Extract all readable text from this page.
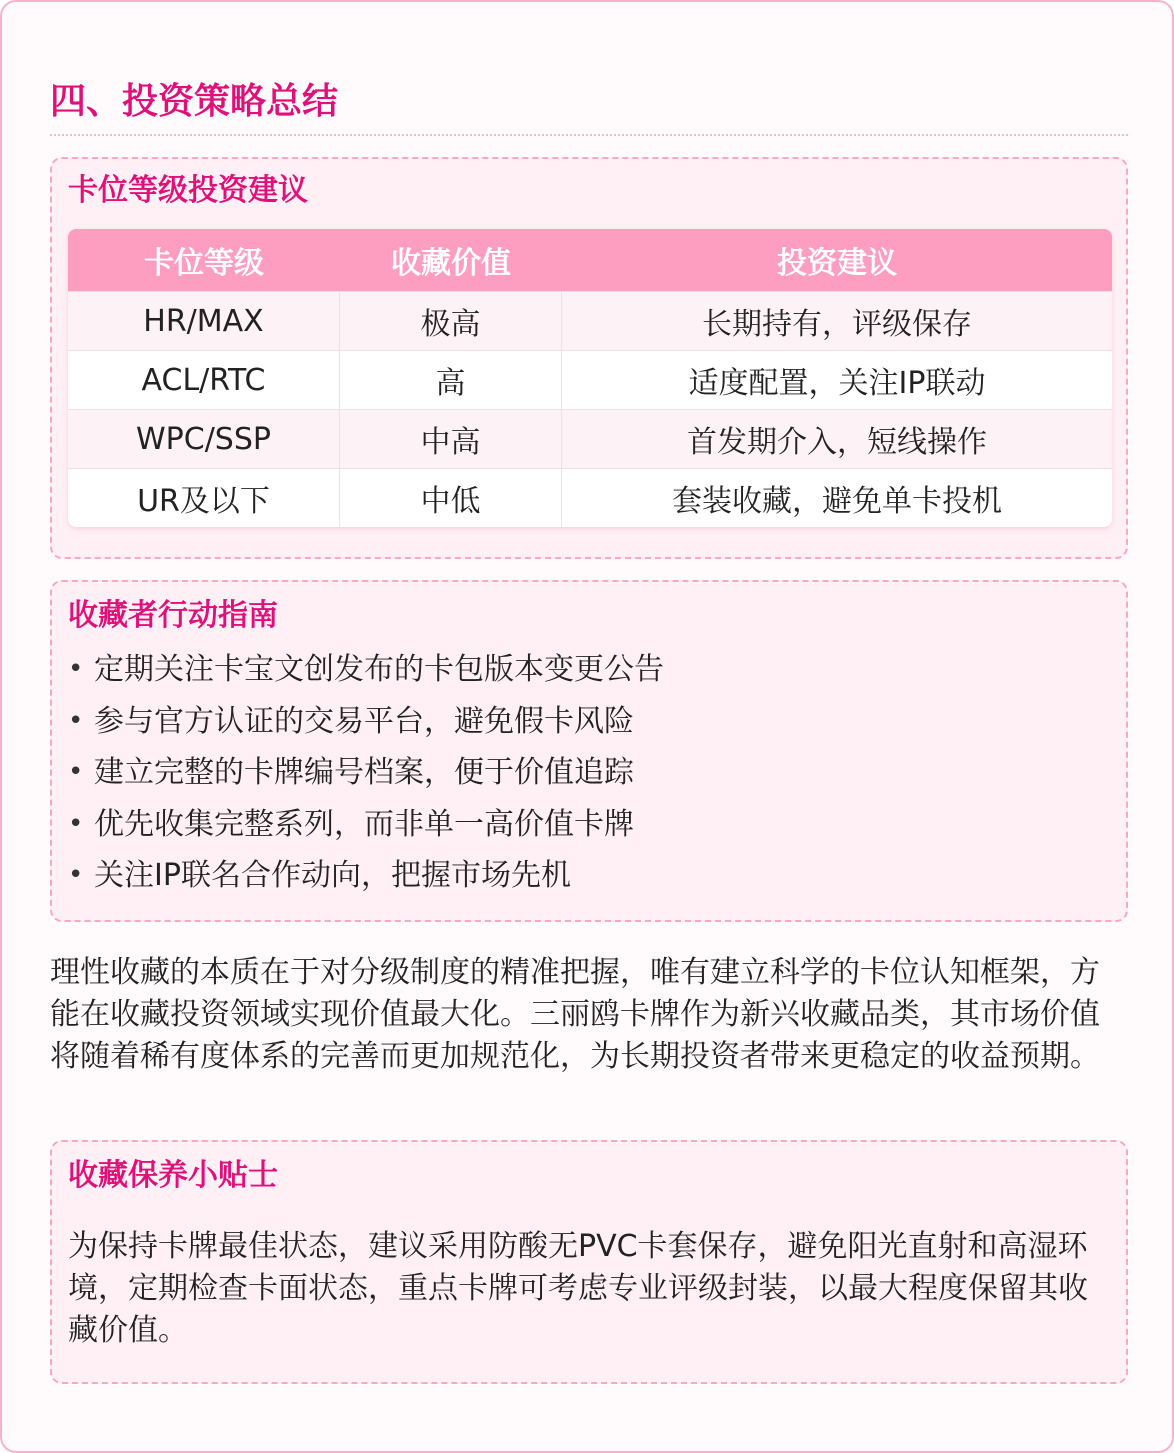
四、投资策略总结
卡位等级投资建议
卡位等级	收藏价值	投资建议
HR/MAX	极高	长期持有，评级保存
ACL/RTC	高	适度配置，关注IP联动
WPC/SSP	中高	首发期介入，短线操作
UR及以下	中低	套装收藏，避免单卡投机
收藏者行动指南
• 定期关注卡宝文创发布的卡包版本变更公告
• 参与官方认证的交易平台，避免假卡风险
• 建立完整的卡牌编号档案，便于价值追踪
• 优先收集完整系列，而非单一高价值卡牌
• 关注IP联名合作动向，把握市场先机

理性收藏的本质在于对分级制度的精准把握，唯有建立科学的卡位认知框架，方能在收藏投资领域实现价值最大化。三丽鸥卡牌作为新兴收藏品类，其市场价值将随着稀有度体系的完善而更加规范化，为长期投资者带来更稳定的收益预期。

收藏保养小贴士

为保持卡牌最佳状态，建议采用防酸无PVC卡套保存，避免阳光直射和高湿环境，定期检查卡面状态，重点卡牌可考虑专业评级封装，以最大程度保留其收藏价值。
